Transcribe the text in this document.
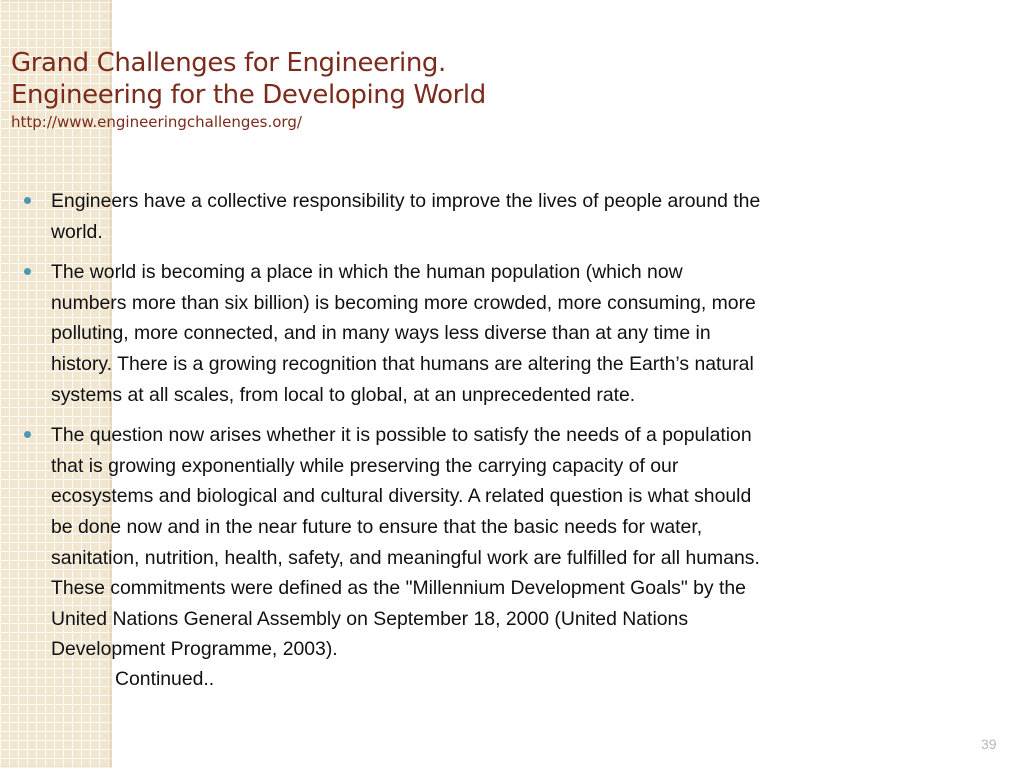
Grand Challenges for Engineering.
Engineering for the Developing World
http://www.engineeringchallenges.org/
Engineers have a collective responsibility to improve the lives of people around the
world.
The world is becoming a place in which the human population (which now
numbers more than six billion) is becoming more crowded, more consuming, more
polluting, more connected, and in many ways less diverse than at any time in
history. There is a growing recognition that humans are altering the Earth’s natural
systems at all scales, from local to global, at an unprecedented rate.
The question now arises whether it is possible to satisfy the needs of a population
that is growing exponentially while preserving the carrying capacity of our
ecosystems and biological and cultural diversity. A related question is what should
be done now and in the near future to ensure that the basic needs for water,
sanitation, nutrition, health, safety, and meaningful work are fulfilled for all humans.
These commitments were defined as the "Millennium Development Goals" by the
United Nations General Assembly on September 18, 2000 (United Nations
Development Programme, 2003).
Continued..
39
